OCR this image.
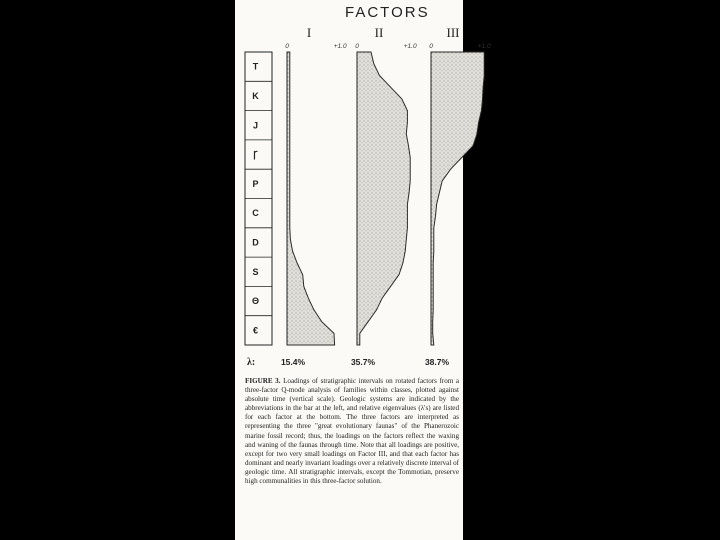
FACTORS
T
K
J
Ꞅ
P
C
D
S
Θ
€
I
0	+1.0
15.4%
II
0	+1.0
35.7%
III
0	+1.0
38.7%
λ:
FIGURE 3. Loadings of stratigraphic intervals on rotated factors from a three-factor Q-mode analysis of families within classes, plotted against absolute time (vertical scale). Geologic systems are indicated by the abbreviations in the bar at the left, and relative eigenvalues (λ's) are listed for each factor at the bottom. The three factors are interpreted as representing the three "great evolutionary faunas" of the Phanerozoic marine fossil record; thus, the loadings on the factors reflect the waxing and waning of the faunas through time. Note that all loadings are positive, except for two very small loadings on Factor III, and that each factor has dominant and nearly invariant loadings over a relatively discrete interval of geologic time. All stratigraphic intervals, except the Tommotian, preserve high communalities in this three-factor solution.
